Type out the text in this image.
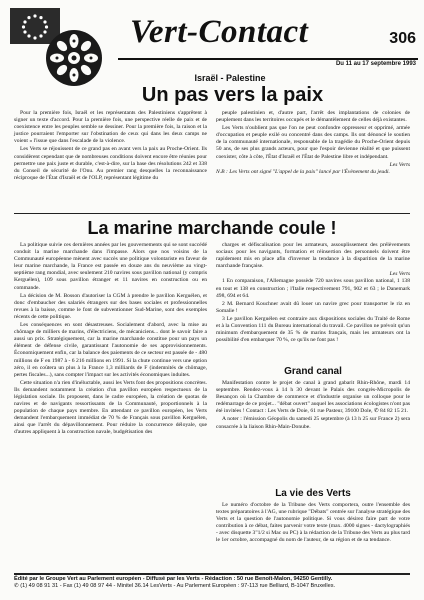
Vert-Contact	306
Du 11 au 17 septembre 1993
Israël - Palestine
Un pas vers la paix

Pour la première fois, Israël et les représentants des Palestiniens s'apprêtent à signer un texte d'accord. Pour la première fois, une perspective réelle de paix et de coexistence entre les peuples semble se dessiner. Pour la première fois, la raison et la justice pourraient l'emporter sur l'obstination de ceux qui dans les deux camps ne voient « l'issue que dans l'escalade de la violence.

Les Verts se réjouissent de ce grand pas en avant vers la paix au Proche-Orient. Ils considèrent cependant que de nombreuses conditions doivent encore être réunies pour permettre une paix juste et durable, c'est-à-dire, sur la base des résolutions 242 et 338 du Conseil de sécurité de l'Onu. Au premier rang desquelles la reconnaissance réciproque de l'État d'Israël et de l'OLP, représentant légitime du

peuple palestinien et, d'autre part, l'arrêt des implantations de colonies de peuplement dans les territoires occupés et le démantèlement de celles déjà existantes.

Les Verts n'oublient pas que l'on ne peut confondre oppresseur et opprimé, armée d'occupation et peuple exilé ou concentré dans des camps. Ils ont dénoncé le soutien de la communauté internationale, responsable de la tragédie du Proche-Orient depuis 50 ans, de ses plus grands acteurs, pour que l'espoir devienne réalité et que puissent coexister, côte à côte, l'État d'Israël et l'État de Palestine libre et indépendant.

Les Verts
N.B : Les Verts ont signé "L'appel de la paix" lancé par l'Évènement du jeudi.
La marine marchande coule !

La politique suivie ces dernières années par les gouvernements qui se sont succédé conduit la marine marchande dans l'impasse. Alors que nos voisins de la Communauté européenne mènent avec succès une politique volontariste en faveur de leur marine marchande, la France est passée en douze ans du neuvième au vingt-septième rang mondial, avec seulement 210 navires sous pavillon national (y compris Kerguélen), 109 sous pavillon étranger et 11 navires en construction ou en commande.

La décision de M. Bosson d'autoriser la CGM à prendre le pavillon Kerguélen, et donc d'embaucher des salariés étrangers sur des bases sociales et professionnelles revues à la baisse, comme le font de subventionner Sud-Marine, sont des exemples récents de cette politique.

Les conséquences en sont désastreuses. Socialement d'abord, avec la mise au chômage de milliers de marins, d'électriciens, de mécaniciens... dont le savoir faire a aussi un prix. Stratégiquement, car la marine marchande constitue pour un pays un élément de défense civile, garantissant l'autonomie de ses approvisionnements. Économiquement enfin, car la balance des paiements de ce secteur est passée de - 480 millions de F en 1987 à - 6 216 millions en 1991. Si la chute continue vers une option zéro, il en coûtera un plus à la France 1,3 milliards de F (indemnités de chômage, pertes fiscales...), sans compter l'impact sur les activités économiques induites.

Cette situation n'a rien d'inéluctable, aussi les Verts font des propositions concrètes. Ils demandent notamment la création d'un pavillon européen respectueux de la législation sociale. Ils proposent, dans le cadre européen, la création de quotas de navires et de navigants ressortissants de la Communauté, proportionnels à la population de chaque pays membre. En attendant ce pavillon européen, les Verts demandent l'embarquement immédiat de 70 % de Français sous pavillon Kerguélen, ainsi que l'arrêt du dépavillonnement. Pour réduire la concurrence déloyale, que d'autres appliquent à la construction navale, budgétisation des

charges et défiscalisation pour les armateurs, assouplissement des prélèvements sociaux pour les navigants, formation et réinsertion des personnels doivent être rapidement mis en place afin d'inverser la tendance à la disparition de la marine marchande française.

Les Verts

1 En comparaison, l'Allemagne possède 720 navires sous pavillon national, 1 138 en tout et 138 en construction ; l'Italie respectivement 791, 902 et 63 ; le Danemark 498, 694 et 64.

2 M. Bernard Kouchner avait dû louer un navire grec pour transporter le riz en Somalie !

3 Le pavillon Kerguélen est contraire aux dispositions sociales du Traité de Rome et à la Convention 111 du Bureau international du travail. Ce pavillon ne prévoit qu'un minimum d'embarquement de 35 % de marins français, mais les armateurs ont la possibilité d'en embarquer 70 %, ce qu'ils ne font pas !

Grand canal

Manifestation contre le projet de canal à grand gabarit Rhin-Rhône, mardi 14 septembre. Rendez-vous à 14 h 30 devant le Palais des congrès-Micropolis de Besançon où la Chambre de commerce et d'industrie organise un colloque pour le redémarrage de ce projet... "débat ouvert" auquel les associations écologistes n'ont pas été invitées ! Contact : Les Verts de Doie, 61 rue Pasteur, 39100 Dole, ✆ 84 82 15 21.

A noter : l'émission Géopolis du samedi 25 septembre (à 13 h 25 sur France 2) sera consacrée à la liaison Rhin-Main-Donube.

La vie des Verts

Le numéro d'octobre de la Tribune des Verts comportera, outre l'ensemble des textes préparatoires à l'AG, une rubrique "Débats" centrée sur l'analyse stratégique des Verts et la question de l'autonomie politique. Si vous désirez faire part de votre contribution à ce débat, faites parvenir votre texte (max. 4000 signes - dactylographiés - avec disquette 3"1/2 si Mac ou PC) à la rédaction de la Tribune des Verts au plus tard le 1er octobre, accompagné du nom de l'auteur, de sa région et de sa tendance.

Édité par le Groupe Vert au Parlement européen - Diffusé par les Verts - Rédaction : 50 rue Benoît-Malon, 94250 Gentilly.
✆ (1) 49 08 91 31 - Fax (1) 49 08 97 44 - Minitel 36.14 LesVerts - Au Parlement Européen : 97-113 rue Belliard, B-1047 Bruxelles.
